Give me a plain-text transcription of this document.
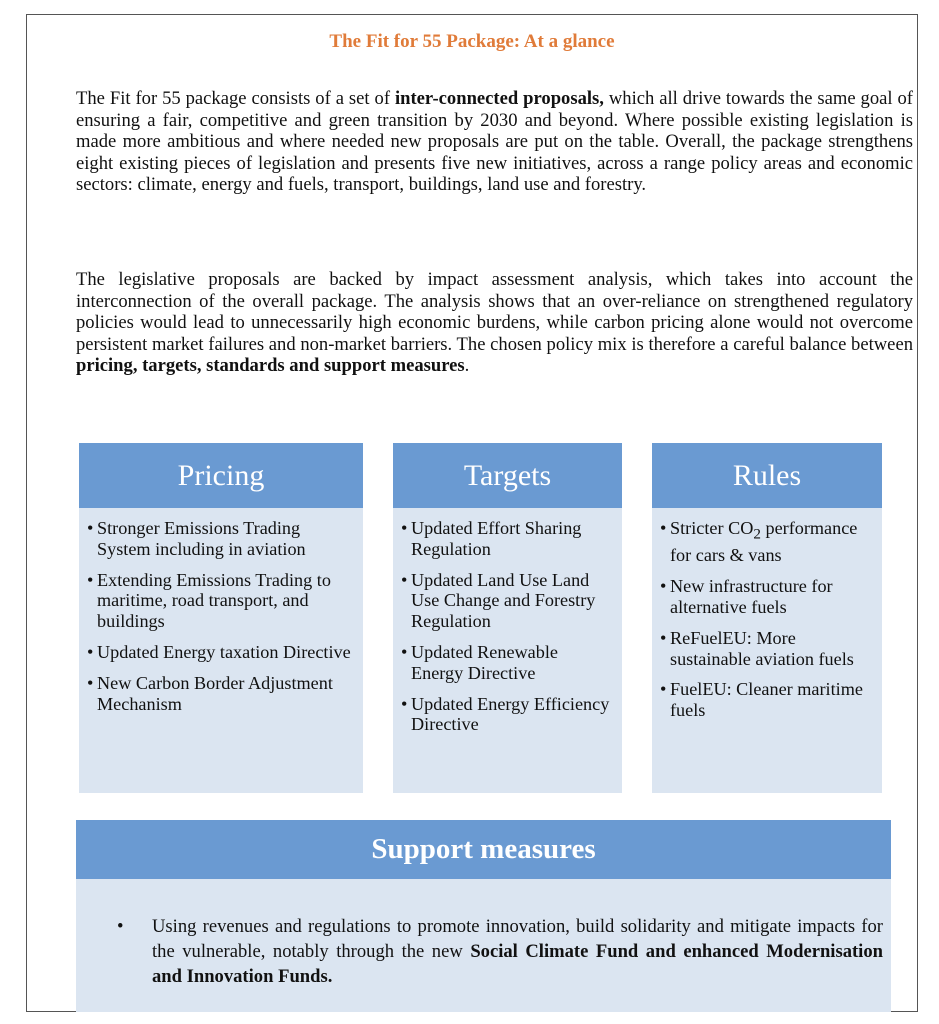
The Fit for 55 Package: At a glance

The Fit for 55 package consists of a set of inter-connected proposals, which all drive towards the same goal of ensuring a fair, competitive and green transition by 2030 and beyond. Where possible existing legislation is made more ambitious and where needed new proposals are put on the table. Overall, the package strengthens eight existing pieces of legislation and presents five new initiatives, across a range policy areas and economic sectors: climate, energy and fuels, transport, buildings, land use and forestry.

The legislative proposals are backed by impact assessment analysis, which takes into account the interconnection of the overall package. The analysis shows that an over-reliance on strengthened regulatory policies would lead to unnecessarily high economic burdens, while carbon pricing alone would not overcome persistent market failures and non-market barriers. The chosen policy mix is therefore a careful balance between pricing, targets, standards and support measures.

Pricing
• Stronger Emissions Trading System including in aviation
• Extending Emissions Trading to maritime, road transport, and buildings
• Updated Energy taxation Directive
• New Carbon Border Adjustment Mechanism
Targets
• Updated Effort Sharing Regulation
• Updated Land Use Land Use Change and Forestry Regulation
• Updated Renewable Energy Directive
• Updated Energy Efficiency Directive
Rules
• Stricter $CO_2$ performance for cars & vans
• New infrastructure for alternative fuels
• ReFuelEU: More sustainable aviation fuels
• FuelEU: Cleaner maritime fuels
Support measures
• Using revenues and regulations to promote innovation, build solidarity and mitigate impacts for the vulnerable, notably through the new Social Climate Fund and enhanced Modernisation and Innovation Funds.
